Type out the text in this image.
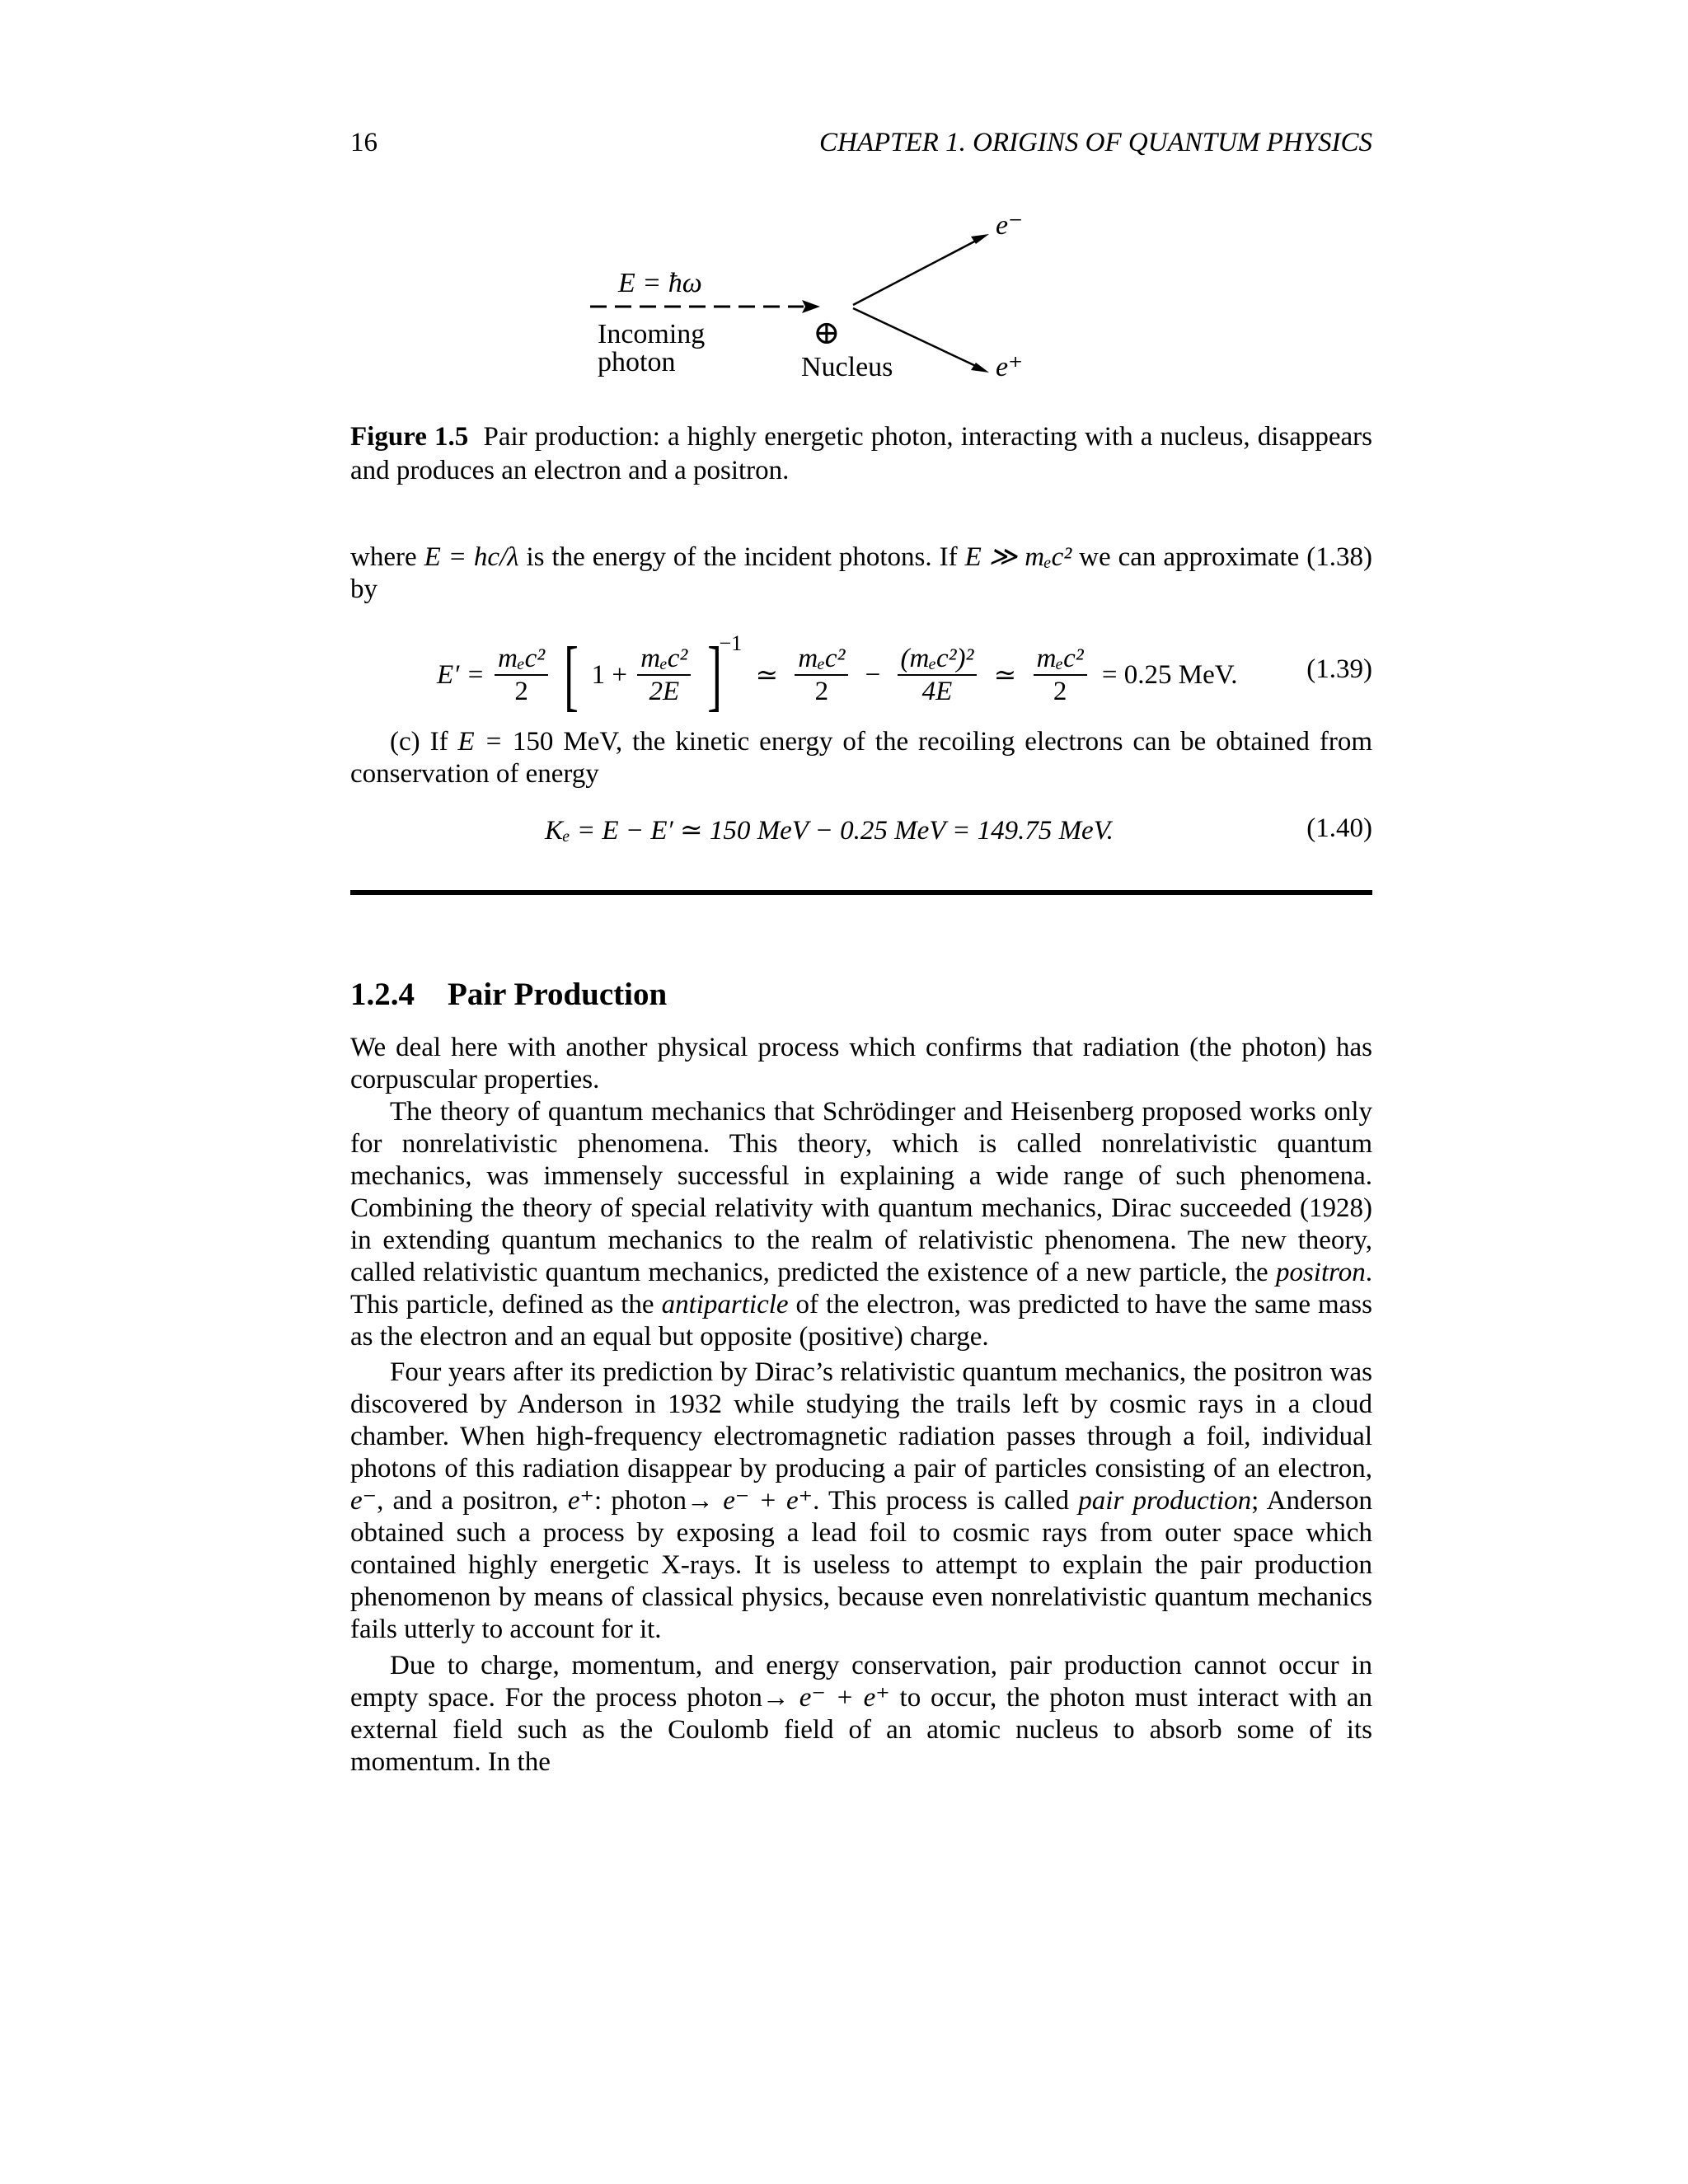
16	CHAPTER 1. ORIGINS OF QUANTUM PHYSICS
E = ħω
Incoming
photon
⊕
Nucleus
e⁻
e⁺
Figure 1.5 Pair production: a highly energetic photon, interacting with a nucleus, disappears and produces an electron and a positron.
where E = hc/λ is the energy of the incident photons. If E ≫ mₑc² we can approximate (1.38) by
$E' = \frac{\text{mₑc²}}{2}$ [ $1 + \frac{\text{mₑc²}}{2E} ]^{-1}$ ≃ $\frac{\text{mₑc²}}{2} - \frac{\text{(mₑc²)²}}{4E}$ ≃ $\frac{\text{mₑc²}}{2} = 0.25$ MeV.	(1.39)
(c) If E = 150 MeV, the kinetic energy of the recoiling electrons can be obtained from conservation of energy
Kₑ = E − E′ ≃ 150 MeV − 0.25 MeV = 149.75 MeV.	(1.40)
1.2.4 Pair Production
We deal here with another physical process which confirms that radiation (the photon) has corpuscular properties.
The theory of quantum mechanics that Schrödinger and Heisenberg proposed works only for nonrelativistic phenomena. This theory, which is called nonrelativistic quantum mechanics, was immensely successful in explaining a wide range of such phenomena. Combining the theory of special relativity with quantum mechanics, Dirac succeeded (1928) in extending quantum mechanics to the realm of relativistic phenomena. The new theory, called relativistic quantum mechanics, predicted the existence of a new particle, the positron. This particle, defined as the antiparticle of the electron, was predicted to have the same mass as the electron and an equal but opposite (positive) charge.
Four years after its prediction by Dirac’s relativistic quantum mechanics, the positron was discovered by Anderson in 1932 while studying the trails left by cosmic rays in a cloud chamber. When high-frequency electromagnetic radiation passes through a foil, individual photons of this radiation disappear by producing a pair of particles consisting of an electron, e⁻, and a positron, e⁺: photon→ e⁻ + e⁺. This process is called pair production; Anderson obtained such a process by exposing a lead foil to cosmic rays from outer space which contained highly energetic X-rays. It is useless to attempt to explain the pair production phenomenon by means of classical physics, because even nonrelativistic quantum mechanics fails utterly to account for it.
Due to charge, momentum, and energy conservation, pair production cannot occur in empty space. For the process photon→ e⁻ + e⁺ to occur, the photon must interact with an external field such as the Coulomb field of an atomic nucleus to absorb some of its momentum. In the
